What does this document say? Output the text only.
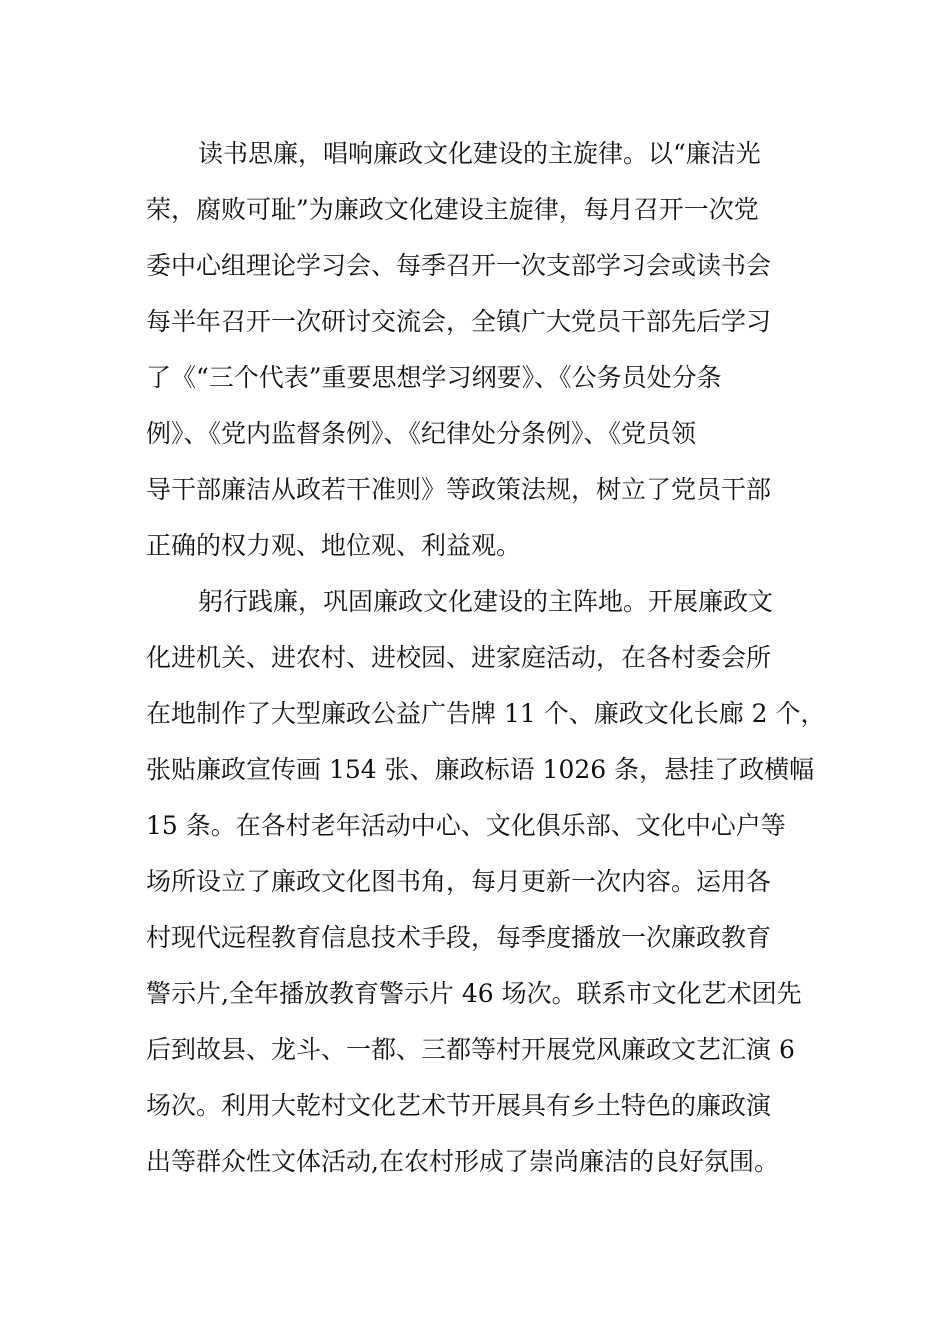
读书思廉，唱响廉政文化建设的主旋律。以“廉洁光
荣，腐败可耻”为廉政文化建设主旋律，每月召开一次党
委中心组理论学习会、每季召开一次支部学习会或读书会
每半年召开一次研讨交流会，全镇广大党员干部先后学习
了《“三个代表”重要思想学习纲要》、《公务员处分条
例》、《党内监督条例》、《纪律处分条例》、《党员领
导干部廉洁从政若干准则》等政策法规，树立了党员干部
正确的权力观、地位观、利益观。
躬行践廉，巩固廉政文化建设的主阵地。开展廉政文
化进机关、进农村、进校园、进家庭活动，在各村委会所
在地制作了大型廉政公益广告牌 11 个、廉政文化长廊 2 个，
张贴廉政宣传画 154 张、廉政标语 1026 条，悬挂了政横幅
15 条。在各村老年活动中心、文化俱乐部、文化中心户等
场所设立了廉政文化图书角，每月更新一次内容。运用各
村现代远程教育信息技术手段，每季度播放一次廉政教育
警示片,全年播放教育警示片 46 场次。联系市文化艺术团先
后到故县、龙斗、一都、三都等村开展党风廉政文艺汇演 6
场次。利用大乾村文化艺术节开展具有乡土特色的廉政演
出等群众性文体活动,在农村形成了崇尚廉洁的良好氛围。
